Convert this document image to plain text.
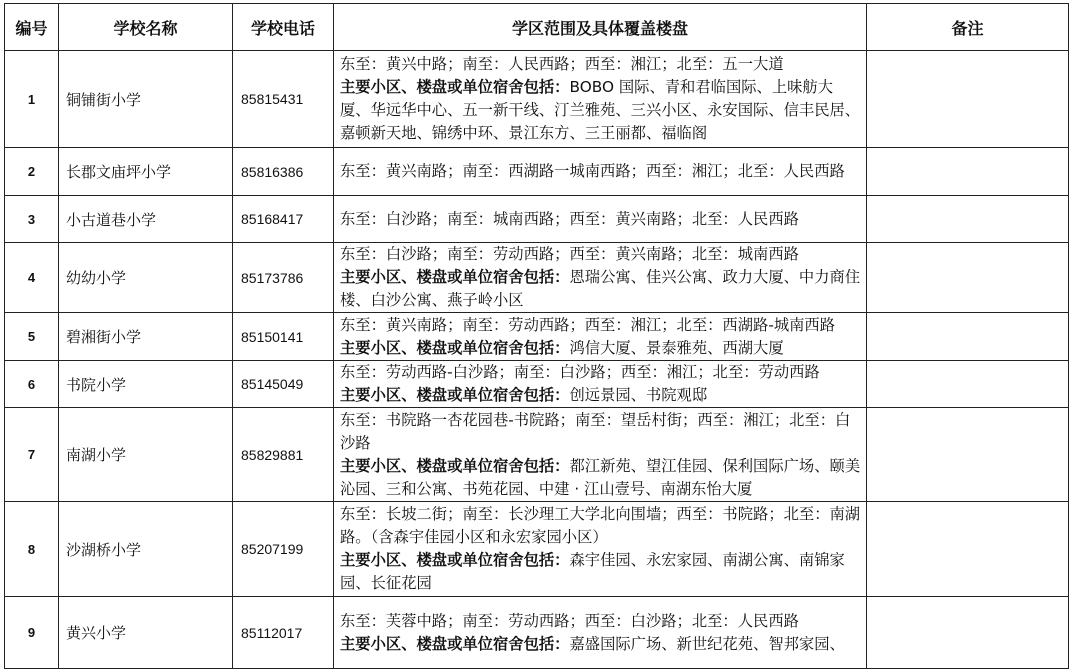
编号	学校名称	学校电话	学区范围及具体覆盖楼盘	备注
1	铜铺街小学	85815431	东至：黄兴中路；南至：人民西路；西至：湘江；北至：五一大道
主要小区、楼盘或单位宿舍包括：BOBO 国际、青和君临国际、上味舫大厦、华远华中心、五一新干线、汀兰雅苑、三兴小区、永安国际、信丰民居、嘉顿新天地、锦绣中环、景江东方、三王丽都、福临阁	
2	长郡文庙坪小学	85816386	东至：黄兴南路；南至：西湖路一城南西路；西至：湘江；北至：人民西路	
3	小古道巷小学	85168417	东至：白沙路；南至：城南西路；西至：黄兴南路；北至：人民西路	
4	幼幼小学	85173786	东至：白沙路；南至：劳动西路；西至：黄兴南路；北至：城南西路
主要小区、楼盘或单位宿舍包括：恩瑞公寓、佳兴公寓、政力大厦、中力商住楼、白沙公寓、燕子岭小区	
5	碧湘街小学	85150141	东至：黄兴南路；南至：劳动西路；西至：湘江；北至：西湖路-城南西路
主要小区、楼盘或单位宿舍包括：鸿信大厦、景泰雅苑、西湖大厦	
6	书院小学	85145049	东至：劳动西路-白沙路；南至：白沙路；西至：湘江；北至：劳动西路
主要小区、楼盘或单位宿舍包括：创远景园、书院观邸	
7	南湖小学	85829881	东至：书院路一杏花园巷-书院路；南至：望岳村街；西至：湘江；北至：白沙路
主要小区、楼盘或单位宿舍包括：都江新苑、望江佳园、保利国际广场、颐美沁园、三和公寓、书苑花园、中建 · 江山壹号、南湖东怡大厦	
8	沙湖桥小学	85207199	东至：长坡二街；南至：长沙理工大学北向围墙；西至：书院路；北至：南湖路。（含森宇佳园小区和永宏家园小区）
主要小区、楼盘或单位宿舍包括：森宇佳园、永宏家园、南湖公寓、南锦家园、长征花园	
9	黄兴小学	85112017	东至：芙蓉中路；南至：劳动西路；西至：白沙路；北至：人民西路
主要小区、楼盘或单位宿舍包括：嘉盛国际广场、新世纪花苑、智邦家园、	
